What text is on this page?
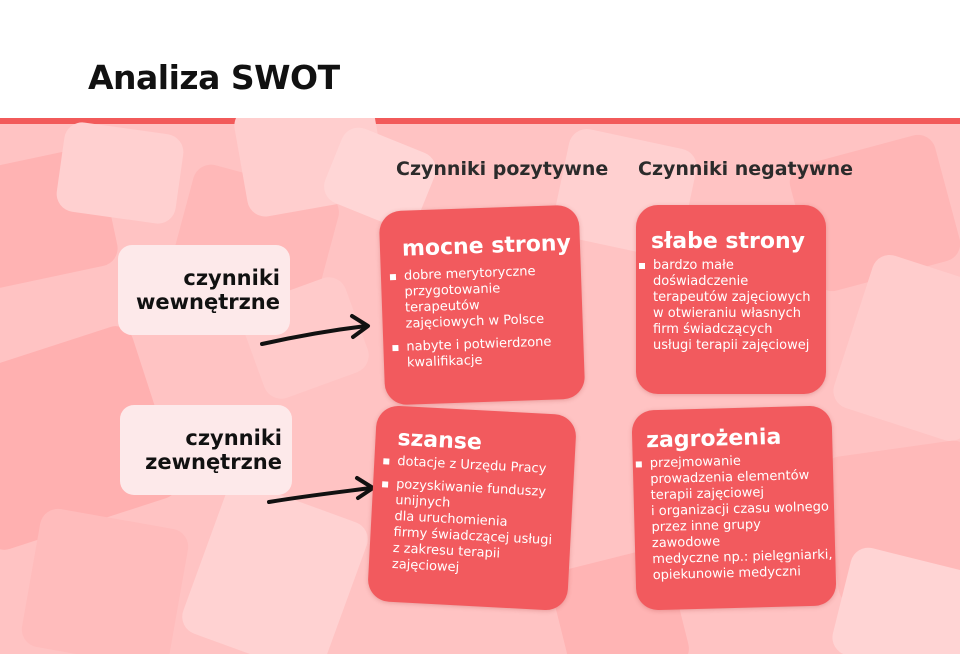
Analiza SWOT
Czynniki pozytywne Czynniki negatywne
czynniki
wewnętrzne
czynniki
zewnętrzne
mocne strony
dobre merytoryczne
przygotowanie
terapeutów
zajęciowych w Polsce
nabyte i potwierdzone
kwalifikacje
słabe strony
bardzo małe
doświadczenie
terapeutów zajęciowych
w otwieraniu własnych
firm świadczących
usługi terapii zajęciowej
szanse
dotacje z Urzędu Pracy
pozyskiwanie funduszy
unijnych
dla uruchomienia
firmy świadczącej usługi
z zakresu terapii
zajęciowej
zagrożenia
przejmowanie
prowadzenia elementów
terapii zajęciowej
i organizacji czasu wolnego
przez inne grupy zawodowe
medyczne np.: pielęgniarki,
opiekunowie medyczni
